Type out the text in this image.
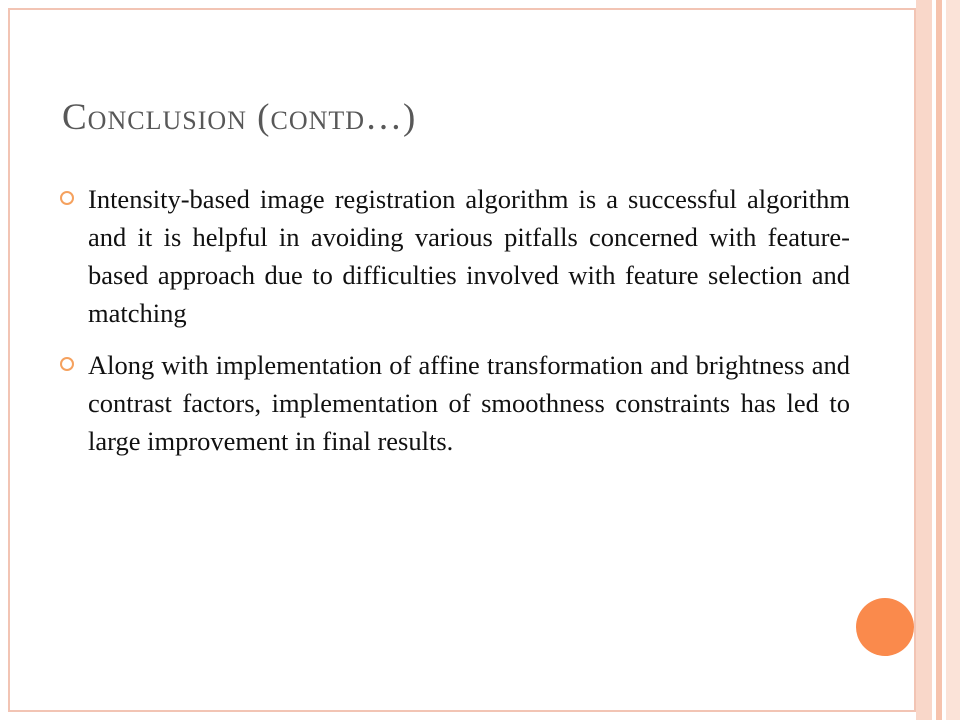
Conclusion (contd…)
Intensity-based image registration algorithm is a successful algorithm and it is helpful in avoiding various pitfalls concerned with feature-based approach due to difficulties involved with feature selection and matching
Along with implementation of affine transformation and brightness and contrast factors, implementation of smoothness constraints has led to large improvement in final results.
